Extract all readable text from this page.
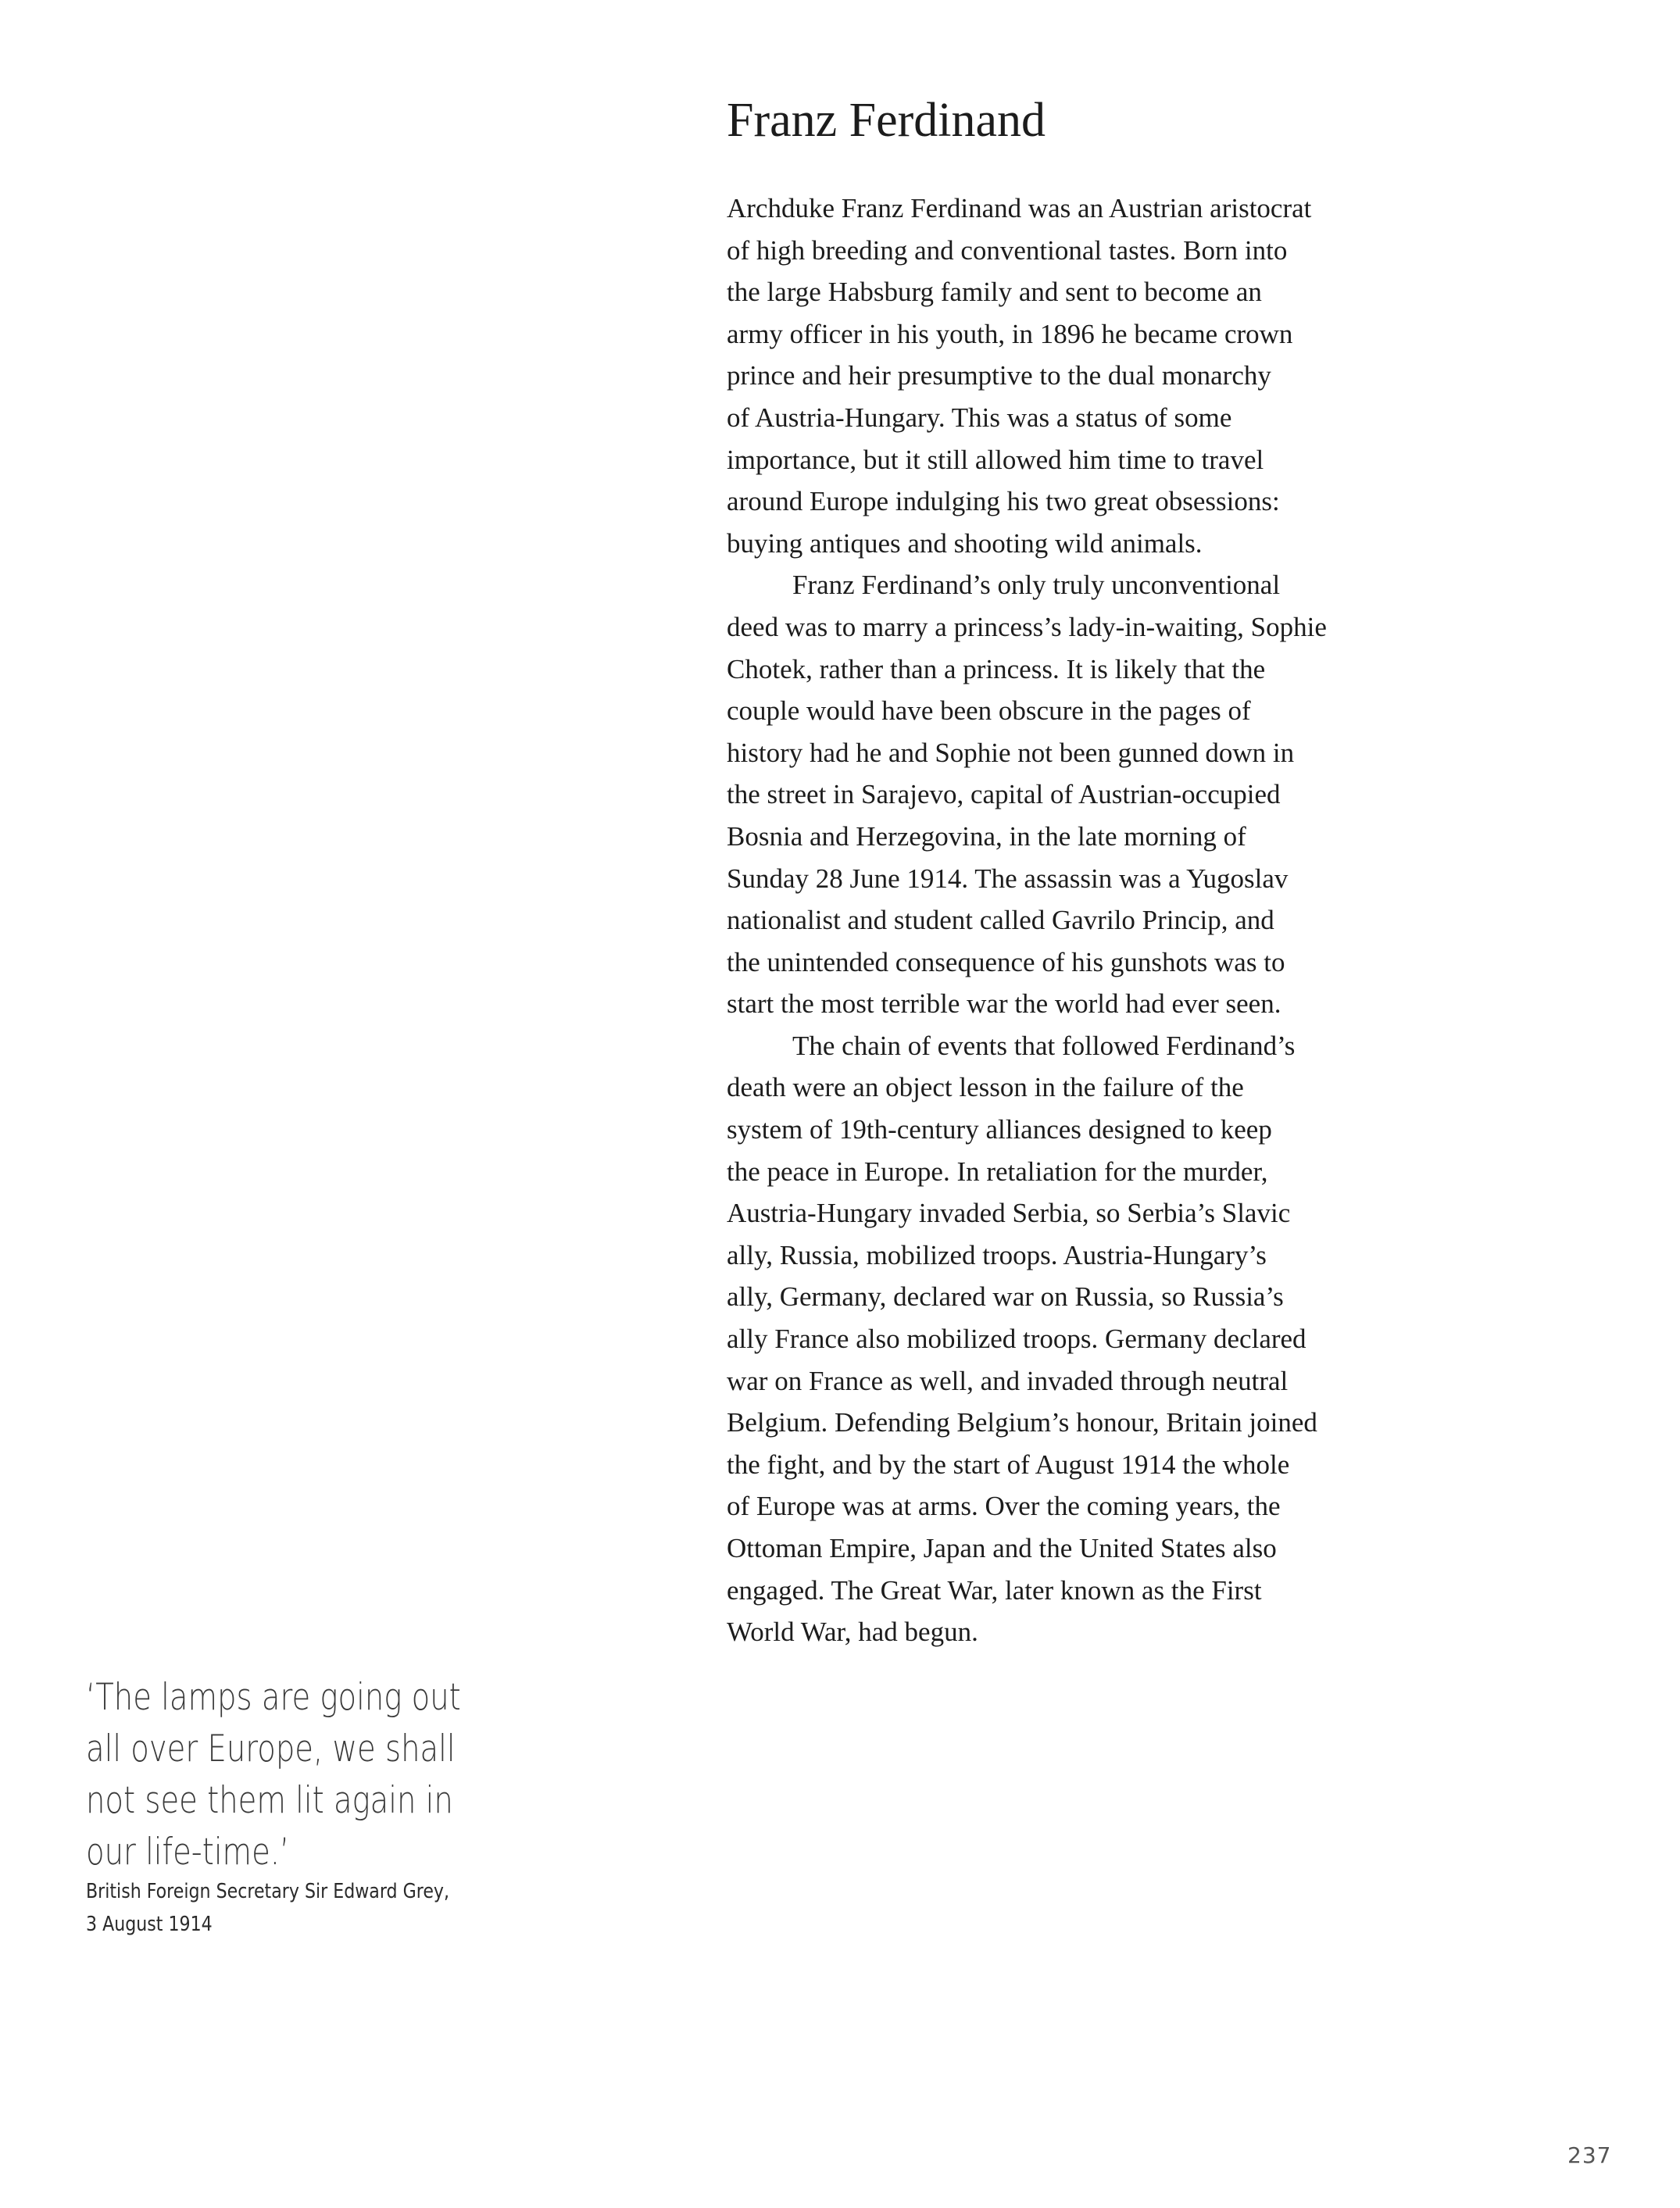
Franz Ferdinand

Archduke Franz Ferdinand was an Austrian aristocrat

of high breeding and conventional tastes. Born into

the large Habsburg family and sent to become an

army officer in his youth, in 1896 he became crown

prince and heir presumptive to the dual monarchy

of Austria-Hungary. This was a status of some

importance, but it still allowed him time to travel

around Europe indulging his two great obsessions:

buying antiques and shooting wild animals.

Franz Ferdinand’s only truly unconventional

deed was to marry a princess’s lady-in-waiting, Sophie

Chotek, rather than a princess. It is likely that the

couple would have been obscure in the pages of

history had he and Sophie not been gunned down in

the street in Sarajevo, capital of Austrian-occupied

Bosnia and Herzegovina, in the late morning of

Sunday 28 June 1914. The assassin was a Yugoslav

nationalist and student called Gavrilo Princip, and

the unintended consequence of his gunshots was to

start the most terrible war the world had ever seen.

The chain of events that followed Ferdinand’s

death were an object lesson in the failure of the

system of 19th-century alliances designed to keep

the peace in Europe. In retaliation for the murder,

Austria-Hungary invaded Serbia, so Serbia’s Slavic

ally, Russia, mobilized troops. Austria-Hungary’s

ally, Germany, declared war on Russia, so Russia’s

ally France also mobilized troops. Germany declared

war on France as well, and invaded through neutral

Belgium. Defending Belgium’s honour, Britain joined

the fight, and by the start of August 1914 the whole

of Europe was at arms. Over the coming years, the

Ottoman Empire, Japan and the United States also

engaged. The Great War, later known as the First

World War, had begun.

‘The lamps are going out
all over Europe, we shall
not see them lit again in
our life-time.’
British Foreign Secretary Sir Edward Grey,
3 August 1914
237
